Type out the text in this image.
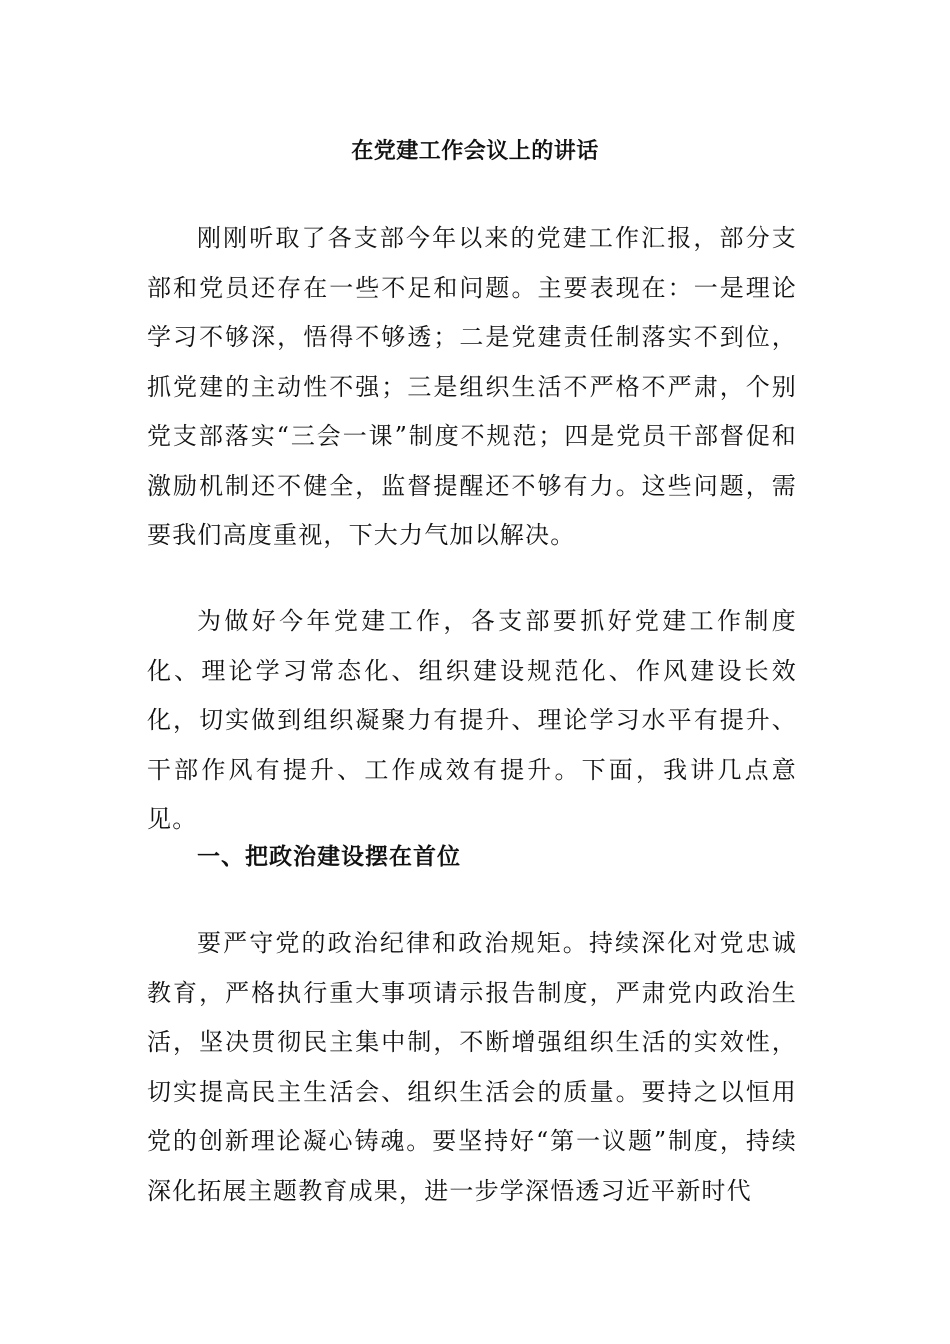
在党建工作会议上的讲话

刚刚听取了各支部今年以来的党建工作汇报，部分支部和党员还存在一些不足和问题。主要表现在：一是理论学习不够深，悟得不够透；二是党建责任制落实不到位，抓党建的主动性不强；三是组织生活不严格不严肃，个别党支部落实“三会一课”制度不规范；四是党员干部督促和激励机制还不健全，监督提醒还不够有力。这些问题，需要我们高度重视，下大力气加以解决。

为做好今年党建工作，各支部要抓好党建工作制度化、理论学习常态化、组织建设规范化、作风建设长效化，切实做到组织凝聚力有提升、理论学习水平有提升、干部作风有提升、工作成效有提升。下面，我讲几点意见。

一、把政治建设摆在首位

要严守党的政治纪律和政治规矩。持续深化对党忠诚教育，严格执行重大事项请示报告制度，严肃党内政治生活，坚决贯彻民主集中制，不断增强组织生活的实效性，切实提高民主生活会、组织生活会的质量。要持之以恒用党的创新理论凝心铸魂。要坚持好“第一议题”制度，持续深化拓展主题教育成果，进一步学深悟透习近平新时代
